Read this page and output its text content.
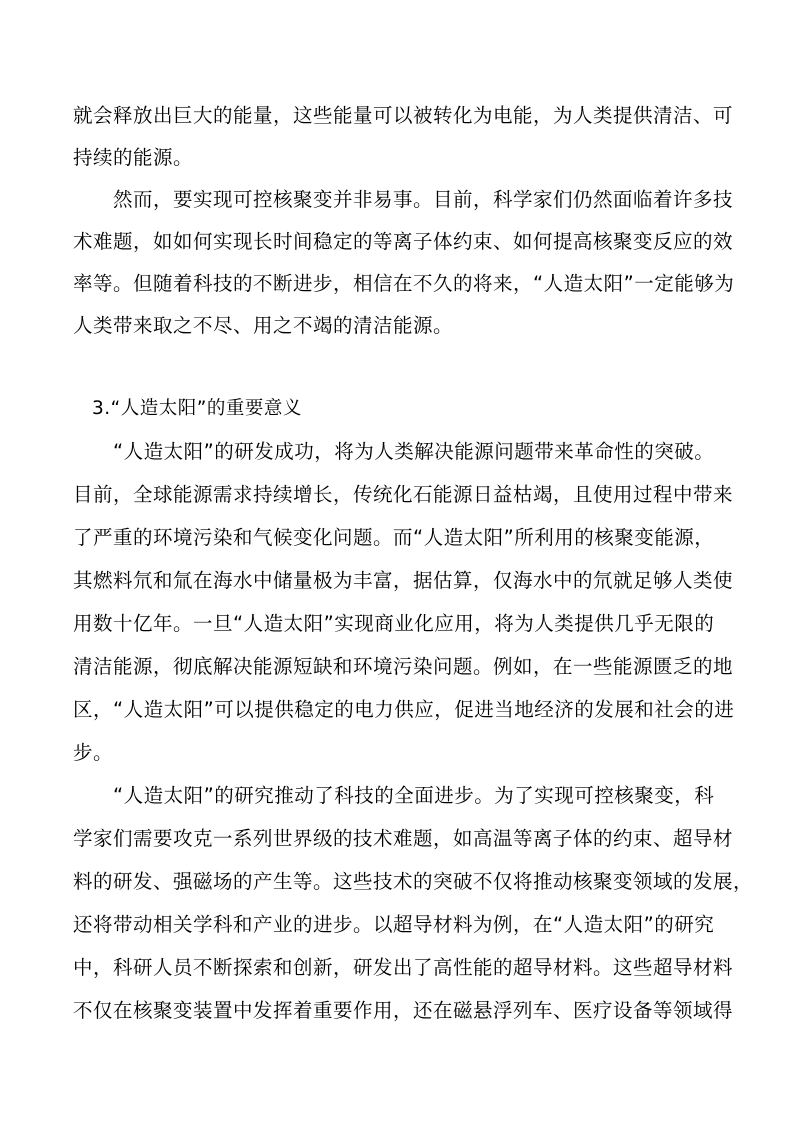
就会释放出巨大的能量，这些能量可以被转化为电能，为人类提供清洁、可
持续的能源。
　　然而，要实现可控核聚变并非易事。目前，科学家们仍然面临着许多技
术难题，如如何实现长时间稳定的等离子体约束、如何提高核聚变反应的效
率等。但随着科技的不断进步，相信在不久的将来，“人造太阳”一定能够为
人类带来取之不尽、用之不竭的清洁能源。
　3.“人造太阳”的重要意义
　　“人造太阳”的研发成功，将为人类解决能源问题带来革命性的突破。
目前，全球能源需求持续增长，传统化石能源日益枯竭，且使用过程中带来
了严重的环境污染和气候变化问题。而“人造太阳”所利用的核聚变能源，
其燃料氘和氚在海水中储量极为丰富，据估算，仅海水中的氘就足够人类使
用数十亿年。一旦“人造太阳”实现商业化应用，将为人类提供几乎无限的
清洁能源，彻底解决能源短缺和环境污染问题。例如，在一些能源匮乏的地
区，“人造太阳”可以提供稳定的电力供应，促进当地经济的发展和社会的进
步。
　　“人造太阳”的研究推动了科技的全面进步。为了实现可控核聚变，科
学家们需要攻克一系列世界级的技术难题，如高温等离子体的约束、超导材
料的研发、强磁场的产生等。这些技术的突破不仅将推动核聚变领域的发展，
还将带动相关学科和产业的进步。以超导材料为例，在“人造太阳”的研究
中，科研人员不断探索和创新，研发出了高性能的超导材料。这些超导材料
不仅在核聚变装置中发挥着重要作用，还在磁悬浮列车、医疗设备等领域得
